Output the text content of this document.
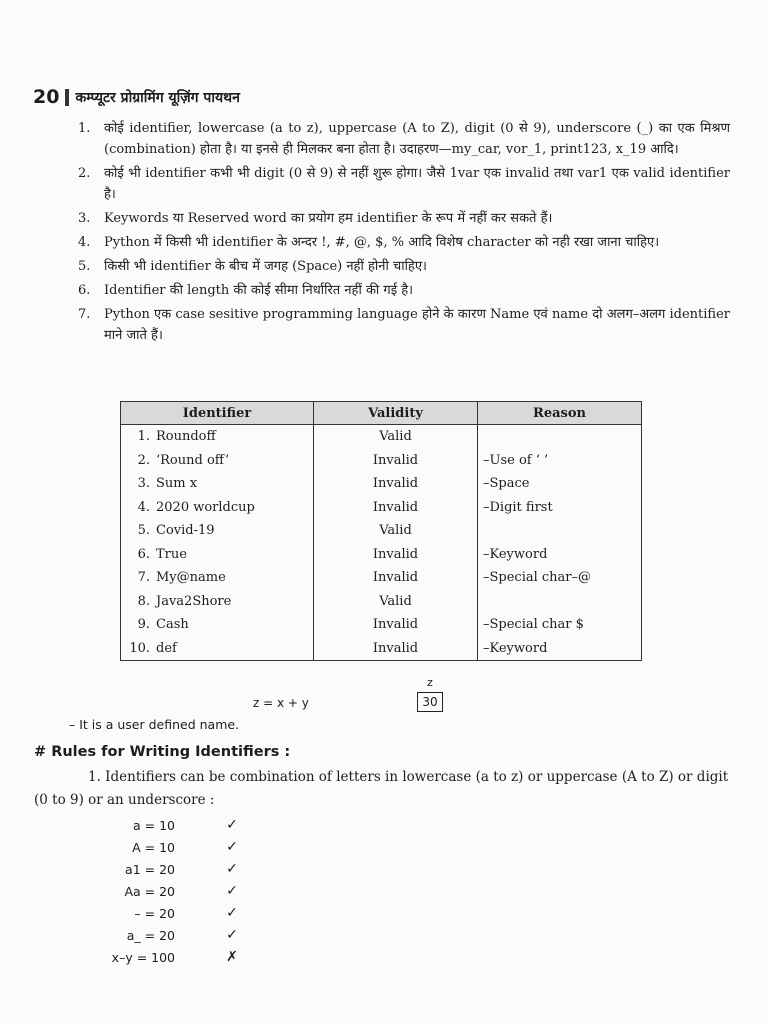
20 कम्प्यूटर प्रोग्रामिंग यूज़िंग पायथन
1.	कोई identifier, lowercase (a to z), uppercase (A to Z), digit (0 से 9), underscore (_) का एक मिश्रण (combination) होता है। या इनसे ही मिलकर बना होता है। उदाहरण—my_car, vor_1, print123, x_19 आदि।
2.	कोई भी identifier कभी भी digit (0 से 9) से नहीं शुरू होगा। जैसे 1var एक invalid तथा var1 एक valid identifier है।
3.	Keywords या Reserved word का प्रयोग हम identifier के रूप में नहीं कर सकते हैं।
4.	Python में किसी भी identifier के अन्दर !, #, @, $, % आदि विशेष character को नही रखा जाना चाहिए।
5.	किसी भी identifier के बीच में जगह (Space) नहीं होनी चाहिए।
6.	Identifier की length की कोई सीमा निर्धारित नहीं की गई है।
7.	Python एक case sesitive programming language होने के कारण Name एवं name दो अलग–अलग identifier माने जाते हैं।
Identifier	Validity	Reason
1. Roundoff	Valid	
2. ‘Round off’	Invalid	–Use of ‘ ’
3. Sum x	Invalid	–Space
4. 2020 worldcup	Invalid	–Digit first
5. Covid-19	Valid	
6. True	Invalid	–Keyword
7. My@name	Invalid	–Special char–@
8. Java2Shore	Valid	
9. Cash	Invalid	–Special char $
10. def	Invalid	–Keyword
z
z = x + y	30
– It is a user defined name.
# Rules for Writing Identifiers :
1. Identifiers can be combination of letters in lowercase (a to z) or uppercase (A to Z) or digit (0 to 9) or an underscore :
a = 10	✓
A = 10	✓
a1 = 20	✓
Aa = 20	✓
– = 20	✓
a_ = 20	✓
x–y = 100	✗
